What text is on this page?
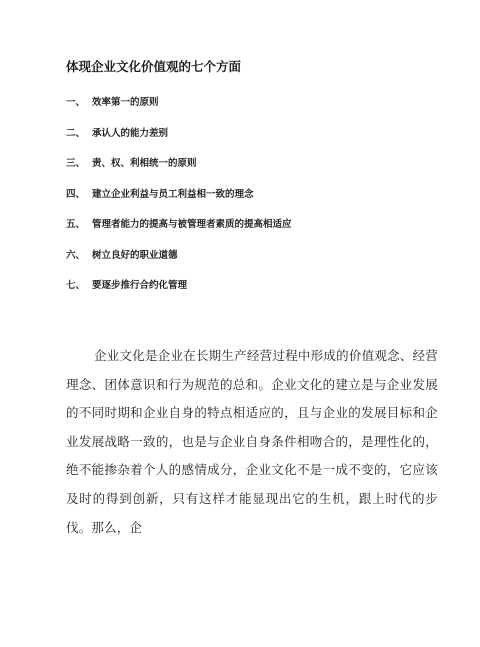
体现企业文化价值观的七个方面
一、 效率第一的原则
二、 承认人的能力差别
三、 责、权、利相统一的原则
四、 建立企业利益与员工利益相一致的理念
五、 管理者能力的提高与被管理者素质的提高相适应
六、 树立良好的职业道德
七、 要逐步推行合约化管理

企业文化是企业在长期生产经营过程中形成的价值观念、经营理念、团体意识和行为规范的总和。企业文化的建立是与企业发展的不同时期和企业自身的特点相适应的，且与企业的发展目标和企业发展战略一致的，也是与企业自身条件相吻合的，是理性化的，绝不能掺杂着个人的感情成分，企业文化不是一成不变的，它应该及时的得到创新，只有这样才能显现出它的生机，跟上时代的步伐。那么，企
